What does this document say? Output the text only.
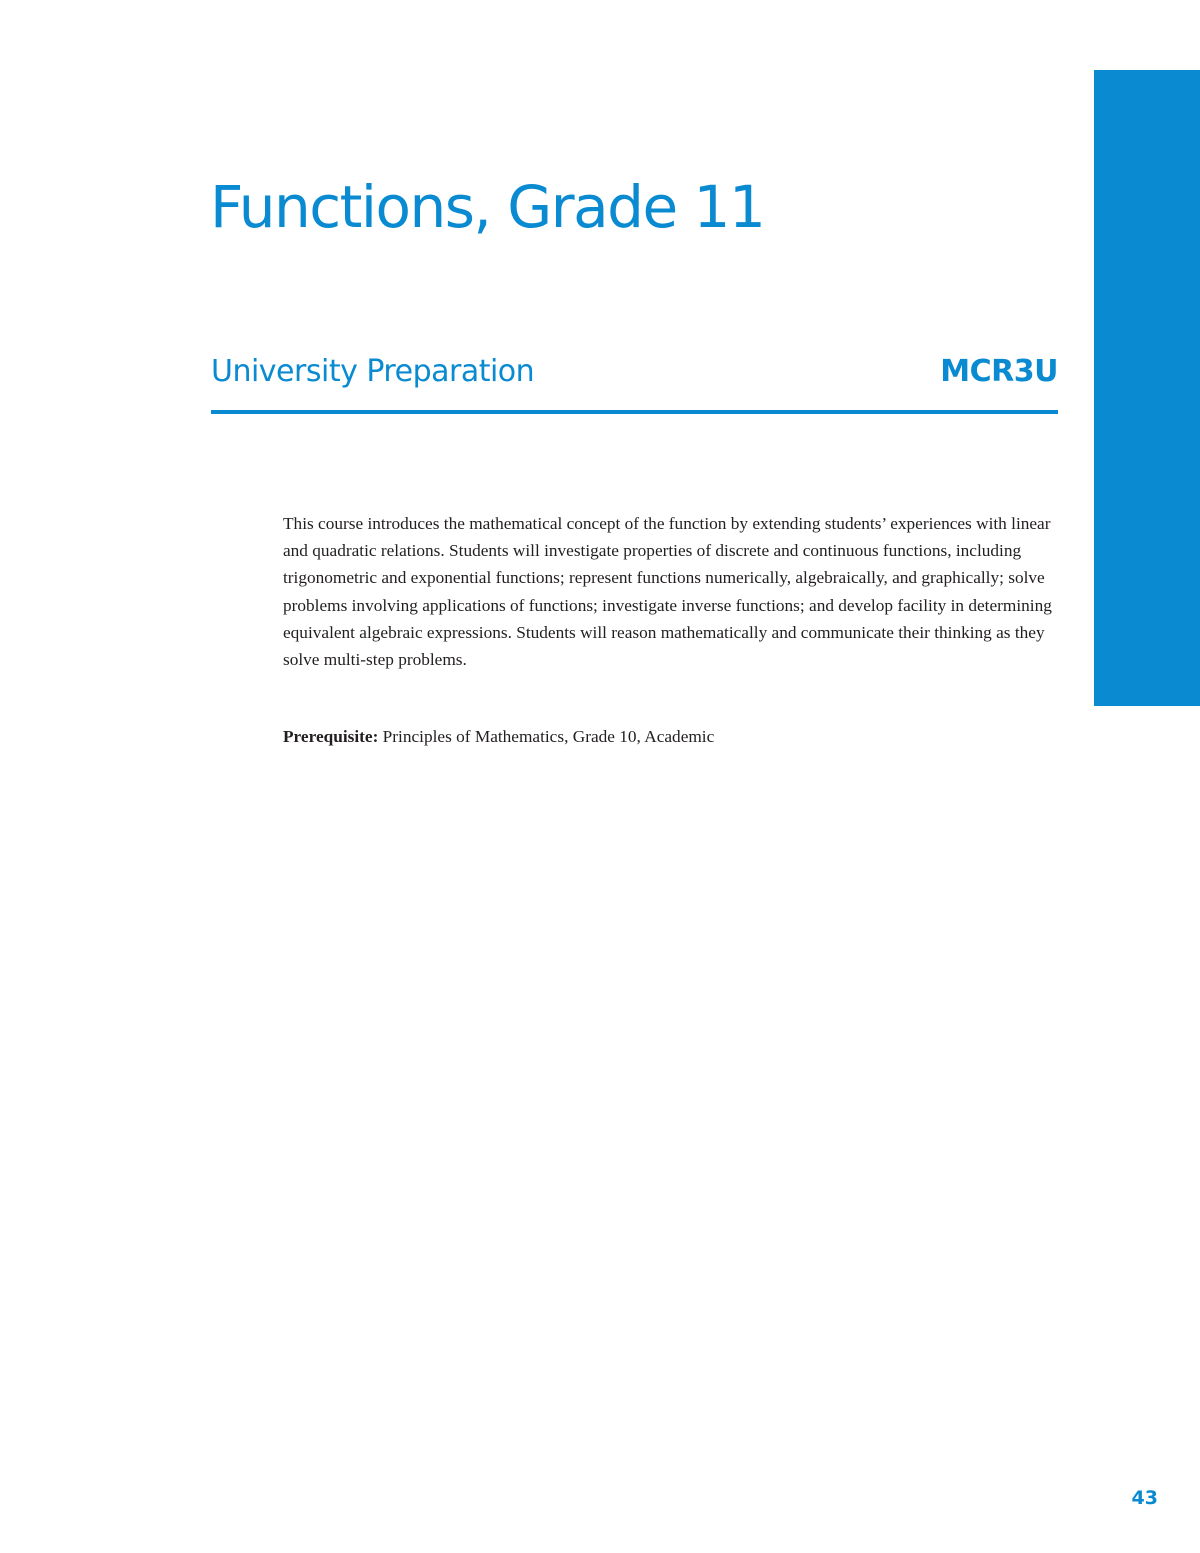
Functions, Grade 11
University Preparation	MCR3U

This course introduces the mathematical concept of the function by extending students’ experiences with linear and quadratic relations. Students will investigate properties of discrete and continuous functions, including trigonometric and exponential functions; represent functions numerically, algebraically, and graphically; solve problems involving applications of functions; investigate inverse functions; and develop facility in determining equivalent algebraic expressions. Students will reason mathematically and communicate their thinking as they solve multi-step problems.

Prerequisite: Principles of Mathematics, Grade 10, Academic

43
